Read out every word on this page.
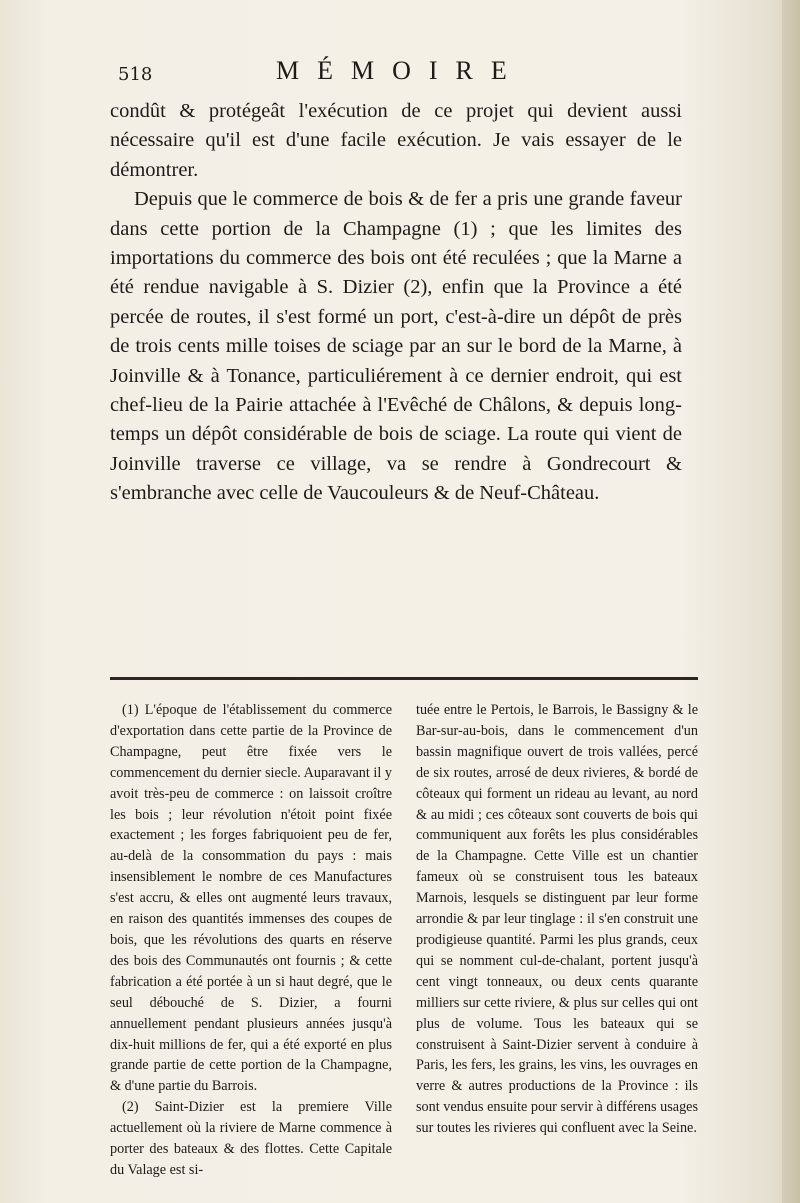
518	MÉMOIRE

condût & protégeât l'exécution de ce projet qui devient aussi nécessaire qu'il est d'une facile exécution. Je vais essayer de le démontrer.

Depuis que le commerce de bois & de fer a pris une grande faveur dans cette portion de la Champagne (1) ; que les limites des importations du commerce des bois ont été reculées ; que la Marne a été rendue navigable à S. Dizier (2), enfin que la Province a été percée de routes, il s'est formé un port, c'est-à-dire un dépôt de près de trois cents mille toises de sciage par an sur le bord de la Marne, à Joinville & à Tonance, particuliérement à ce dernier endroit, qui est chef-lieu de la Pairie attachée à l'Evêché de Châlons, & depuis long-temps un dépôt considérable de bois de sciage. La route qui vient de Joinville traverse ce village, va se rendre à Gondrecourt & s'embranche avec celle de Vaucouleurs & de Neuf-Château.

(1) L'époque de l'établissement du commerce d'exportation dans cette partie de la Province de Champagne, peut être fixée vers le commencement du dernier siecle. Auparavant il y avoit très-peu de commerce : on laissoit croître les bois ; leur révolution n'étoit point fixée exactement ; les forges fabriquoient peu de fer, au-delà de la consommation du pays : mais insensiblement le nombre de ces Manufactures s'est accru, & elles ont augmenté leurs travaux, en raison des quantités immenses des coupes de bois, que les révolutions des quarts en réserve des bois des Communautés ont fournis ; & cette fabrication a été portée à un si haut degré, que le seul débouché de S. Dizier, a fourni annuellement pendant plusieurs années jusqu'à dix-huit millions de fer, qui a été exporté en plus grande partie de cette portion de la Champagne, & d'une partie du Barrois.

(2) Saint-Dizier est la premiere Ville actuellement où la riviere de Marne commence à porter des bateaux & des flottes. Cette Capitale du Valage est si-

tuée entre le Pertois, le Barrois, le Bassigny & le Bar-sur-au-bois, dans le commencement d'un bassin magnifique ouvert de trois vallées, percé de six routes, arrosé de deux rivieres, & bordé de côteaux qui forment un rideau au levant, au nord & au midi ; ces côteaux sont couverts de bois qui communiquent aux forêts les plus considérables de la Champagne. Cette Ville est un chantier fameux où se construisent tous les bateaux Marnois, lesquels se distinguent par leur forme arrondie & par leur tinglage : il s'en construit une prodigieuse quantité. Parmi les plus grands, ceux qui se nomment cul-de-chalant, portent jusqu'à cent vingt tonneaux, ou deux cents quarante milliers sur cette riviere, & plus sur celles qui ont plus de volume. Tous les bateaux qui se construisent à Saint-Dizier servent à conduire à Paris, les fers, les grains, les vins, les ouvrages en verre & autres productions de la Province : ils sont vendus ensuite pour servir à différens usages sur toutes les rivieres qui confluent avec la Seine.
